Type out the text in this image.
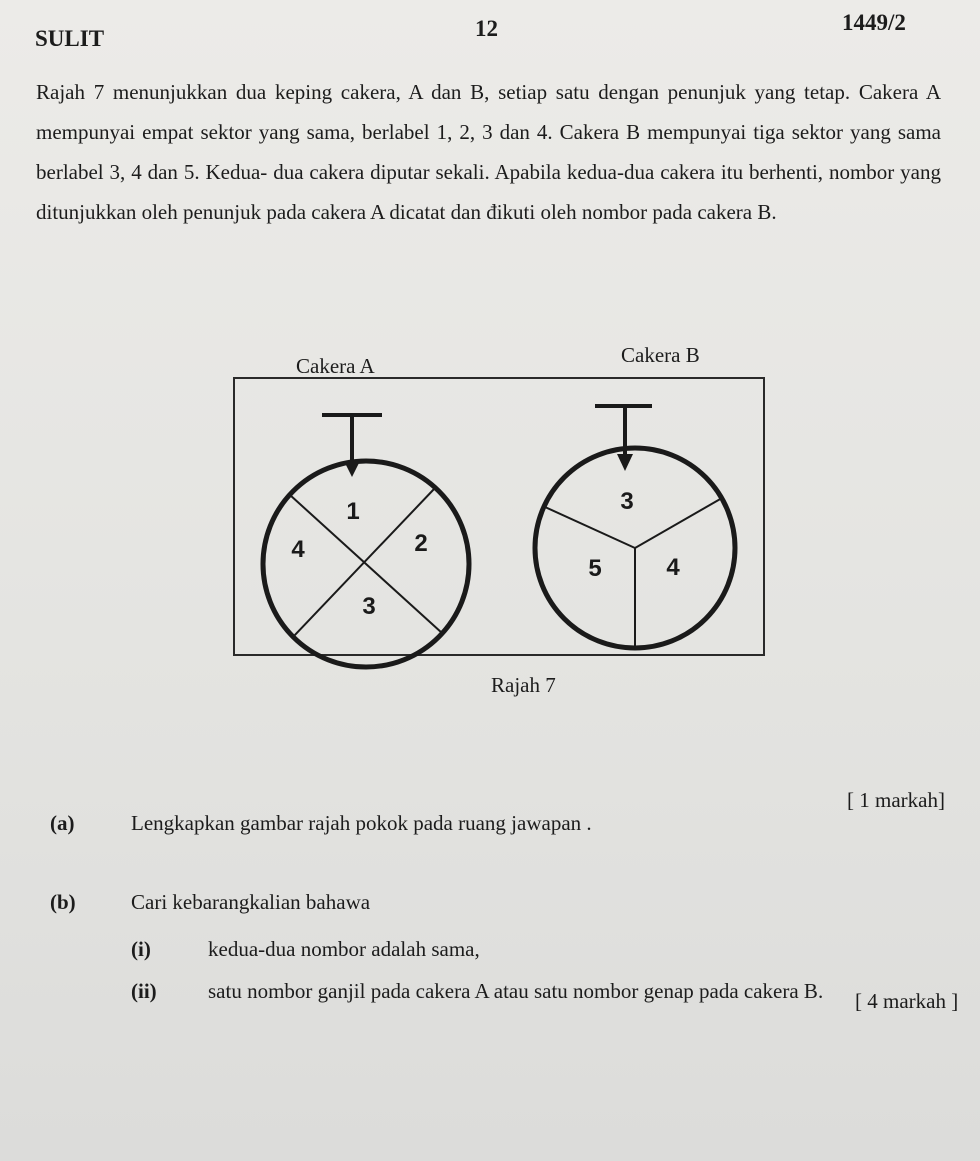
SULIT	12	1449/2

Rajah 7 menunjukkan dua keping cakera, A dan B, setiap satu dengan penunjuk yang tetap. Cakera A mempunyai empat sektor yang sama, berlabel 1, 2, 3 dan 4. Cakera B mempunyai tiga sektor yang sama berlabel 3, 4 dan 5. Kedua- dua cakera diputar sekali. Apabila kedua-dua cakera itu berhenti, nombor yang ditunjukkan oleh penunjuk pada cakera A dicatat dan đikuti oleh nombor pada cakera B.

Cakera A	Cakera B
1
2
3
4
3
4
5
Rajah 7
[ 1 markah]
(a)	Lengkapkan gambar rajah pokok pada ruang jawapan .
(b)	Cari kebarangkalian bahawa
(i)	kedua-dua nombor adalah sama,
(ii) satu nombor ganjil pada cakera A atau satu nombor genap pada cakera B. [ 4 markah ]
